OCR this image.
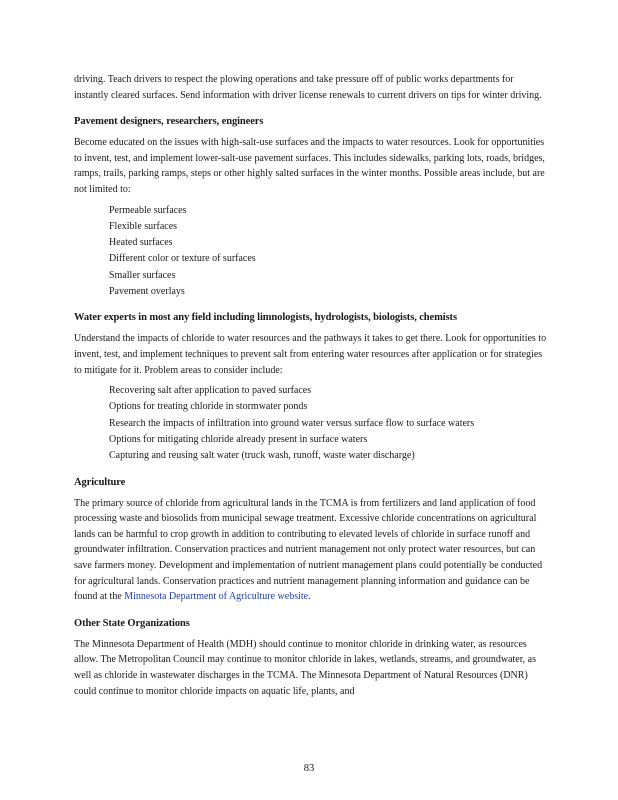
driving. Teach drivers to respect the plowing operations and take pressure off of public works departments for instantly cleared surfaces. Send information with driver license renewals to current drivers on tips for winter driving.

Pavement designers, researchers, engineers

Become educated on the issues with high-salt-use surfaces and the impacts to water resources. Look for opportunities to invent, test, and implement lower-salt-use pavement surfaces. This includes sidewalks, parking lots, roads, bridges, ramps, trails, parking ramps, steps or other highly salted surfaces in the winter months. Possible areas include, but are not limited to:

Permeable surfaces
Flexible surfaces
Heated surfaces
Different color or texture of surfaces
Smaller surfaces
Pavement overlays
Water experts in most any field including limnologists, hydrologists, biologists, chemists

Understand the impacts of chloride to water resources and the pathways it takes to get there. Look for opportunities to invent, test, and implement techniques to prevent salt from entering water resources after application or for strategies to mitigate for it. Problem areas to consider include:

Recovering salt after application to paved surfaces
Options for treating chloride in stormwater ponds
Research the impacts of infiltration into ground water versus surface flow to surface waters
Options for mitigating chloride already present in surface waters
Capturing and reusing salt water (truck wash, runoff, waste water discharge)
Agriculture

The primary source of chloride from agricultural lands in the TCMA is from fertilizers and land application of food processing waste and biosolids from municipal sewage treatment. Excessive chloride concentrations on agricultural lands can be harmful to crop growth in addition to contributing to elevated levels of chloride in surface runoff and groundwater infiltration. Conservation practices and nutrient management not only protect water resources, but can save farmers money. Development and implementation of nutrient management plans could potentially be conducted for agricultural lands. Conservation practices and nutrient management planning information and guidance can be found at the Minnesota Department of Agriculture website.

Other State Organizations

The Minnesota Department of Health (MDH) should continue to monitor chloride in drinking water, as resources allow. The Metropolitan Council may continue to monitor chloride in lakes, wetlands, streams, and groundwater, as well as chloride in wastewater discharges in the TCMA. The Minnesota Department of Natural Resources (DNR) could continue to monitor chloride impacts on aquatic life, plants, and

83
